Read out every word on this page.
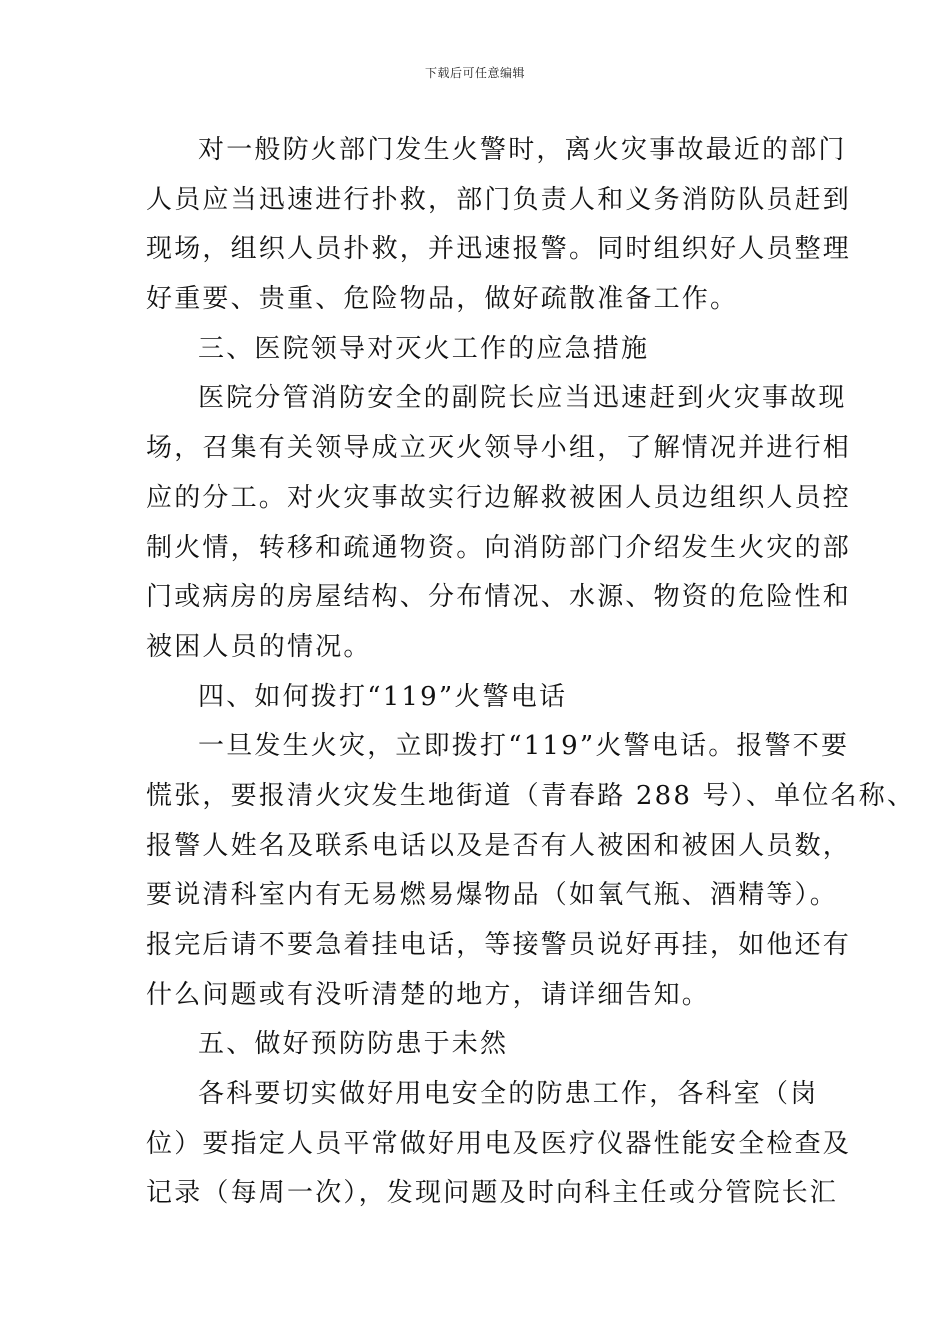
下载后可任意编辑
对一般防火部门发生火警时，离火灾事故最近的部门
人员应当迅速进行扑救，部门负责人和义务消防队员赶到
现场，组织人员扑救，并迅速报警。同时组织好人员整理
好重要、贵重、危险物品，做好疏散准备工作。
三、医院领导对灭火工作的应急措施
医院分管消防安全的副院长应当迅速赶到火灾事故现
场，召集有关领导成立灭火领导小组，了解情况并进行相
应的分工。对火灾事故实行边解救被困人员边组织人员控
制火情，转移和疏通物资。向消防部门介绍发生火灾的部
门或病房的房屋结构、分布情况、水源、物资的危险性和
被困人员的情况。
四、如何拨打“119”火警电话
一旦发生火灾，立即拨打“119”火警电话。报警不要
慌张，要报清火灾发生地街道（青春路 288 号）、单位名称、
报警人姓名及联系电话以及是否有人被困和被困人员数，
要说清科室内有无易燃易爆物品（如氧气瓶、酒精等）。
报完后请不要急着挂电话，等接警员说好再挂，如他还有
什么问题或有没听清楚的地方，请详细告知。
五、做好预防防患于未然
各科要切实做好用电安全的防患工作，各科室（岗
位）要指定人员平常做好用电及医疗仪器性能安全检查及
记录（每周一次），发现问题及时向科主任或分管院长汇
